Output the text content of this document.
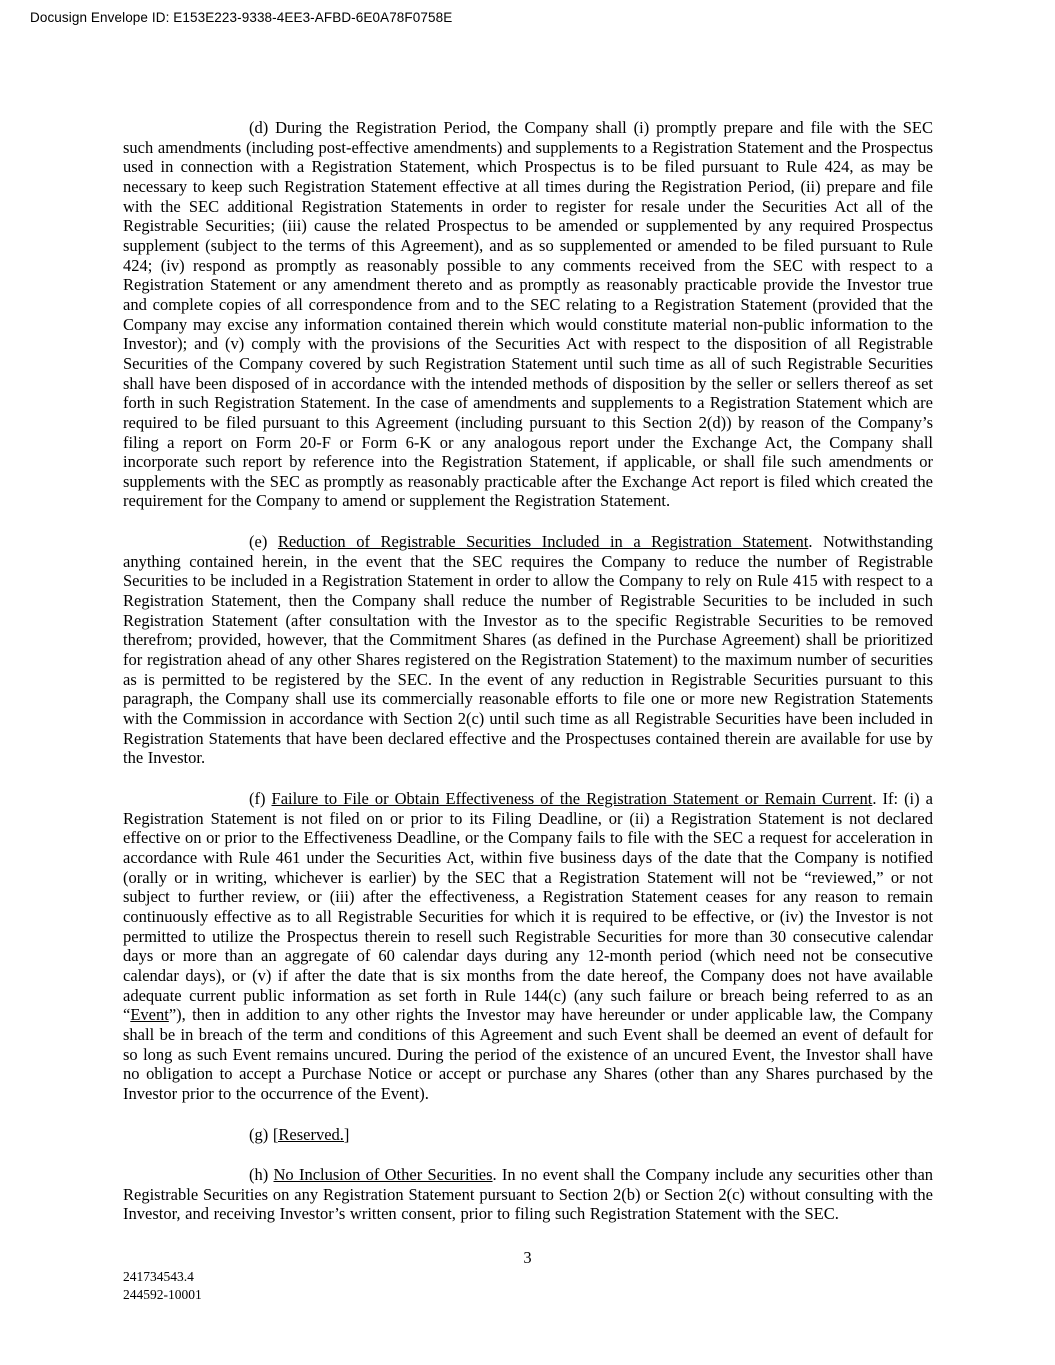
Docusign Envelope ID: E153E223-9338-4EE3-AFBD-6E0A78F0758E

(d) During the Registration Period, the Company shall (i) promptly prepare and file with the SEC such amendments (including post-effective amendments) and supplements to a Registration Statement and the Prospectus used in connection with a Registration Statement, which Prospectus is to be filed pursuant to Rule 424, as may be necessary to keep such Registration Statement effective at all times during the Registration Period, (ii) prepare and file with the SEC additional Registration Statements in order to register for resale under the Securities Act all of the Registrable Securities; (iii) cause the related Prospectus to be amended or supplemented by any required Prospectus supplement (subject to the terms of this Agreement), and as so supplemented or amended to be filed pursuant to Rule 424; (iv) respond as promptly as reasonably possible to any comments received from the SEC with respect to a Registration Statement or any amendment thereto and as promptly as reasonably practicable provide the Investor true and complete copies of all correspondence from and to the SEC relating to a Registration Statement (provided that the Company may excise any information contained therein which would constitute material non-public information to the Investor); and (v) comply with the provisions of the Securities Act with respect to the disposition of all Registrable Securities of the Company covered by such Registration Statement until such time as all of such Registrable Securities shall have been disposed of in accordance with the intended methods of disposition by the seller or sellers thereof as set forth in such Registration Statement. In the case of amendments and supplements to a Registration Statement which are required to be filed pursuant to this Agreement (including pursuant to this Section 2(d)) by reason of the Company’s filing a report on Form 20-F or Form 6-K or any analogous report under the Exchange Act, the Company shall incorporate such report by reference into the Registration Statement, if applicable, or shall file such amendments or supplements with the SEC as promptly as reasonably practicable after the Exchange Act report is filed which created the requirement for the Company to amend or supplement the Registration Statement.

(e) Reduction of Registrable Securities Included in a Registration Statement. Notwithstanding anything contained herein, in the event that the SEC requires the Company to reduce the number of Registrable Securities to be included in a Registration Statement in order to allow the Company to rely on Rule 415 with respect to a Registration Statement, then the Company shall reduce the number of Registrable Securities to be included in such Registration Statement (after consultation with the Investor as to the specific Registrable Securities to be removed therefrom; provided, however, that the Commitment Shares (as defined in the Purchase Agreement) shall be prioritized for registration ahead of any other Shares registered on the Registration Statement) to the maximum number of securities as is permitted to be registered by the SEC. In the event of any reduction in Registrable Securities pursuant to this paragraph, the Company shall use its commercially reasonable efforts to file one or more new Registration Statements with the Commission in accordance with Section 2(c) until such time as all Registrable Securities have been included in Registration Statements that have been declared effective and the Prospectuses contained therein are available for use by the Investor.

(f) Failure to File or Obtain Effectiveness of the Registration Statement or Remain Current. If: (i) a Registration Statement is not filed on or prior to its Filing Deadline, or (ii) a Registration Statement is not declared effective on or prior to the Effectiveness Deadline, or the Company fails to file with the SEC a request for acceleration in accordance with Rule 461 under the Securities Act, within five business days of the date that the Company is notified (orally or in writing, whichever is earlier) by the SEC that a Registration Statement will not be “reviewed,” or not subject to further review, or (iii) after the effectiveness, a Registration Statement ceases for any reason to remain continuously effective as to all Registrable Securities for which it is required to be effective, or (iv) the Investor is not permitted to utilize the Prospectus therein to resell such Registrable Securities for more than 30 consecutive calendar days or more than an aggregate of 60 calendar days during any 12-month period (which need not be consecutive calendar days), or (v) if after the date that is six months from the date hereof, the Company does not have available adequate current public information as set forth in Rule 144(c) (any such failure or breach being referred to as an “Event”), then in addition to any other rights the Investor may have hereunder or under applicable law, the Company shall be in breach of the term and conditions of this Agreement and such Event shall be deemed an event of default for so long as such Event remains uncured. During the period of the existence of an uncured Event, the Investor shall have no obligation to accept a Purchase Notice or accept or purchase any Shares (other than any Shares purchased by the Investor prior to the occurrence of the Event).

(g) [Reserved.]

(h) No Inclusion of Other Securities. In no event shall the Company include any securities other than Registrable Securities on any Registration Statement pursuant to Section 2(b) or Section 2(c) without consulting with the Investor, and receiving Investor’s written consent, prior to filing such Registration Statement with the SEC.

3
241734543.4
244592-10001
